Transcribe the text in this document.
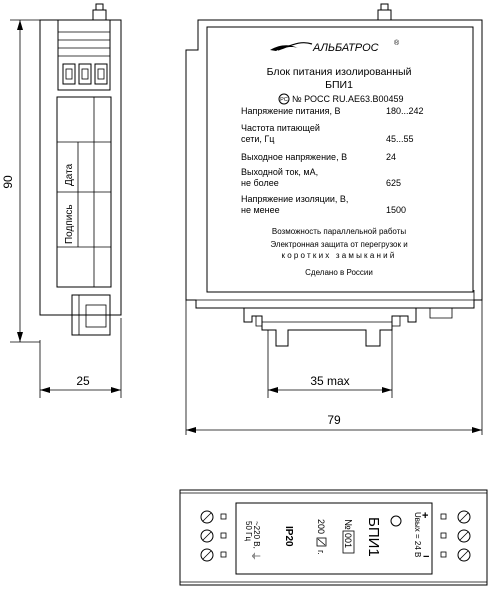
Дата
Подпись
90
25
АЛЬБАТРОС ®
Блок питания изолированный
БПИ1
PC № РОСС RU.АЕ63.В00459
Напряжение питания, В	180...242
Частота питающей
сети, Гц	45...55
Выходное напряжение, В	24
Выходной ток, мА,
не более	625
Напряжение изоляции, В,
не менее	1500
Возможность параллельной работы
Электронная защита от перегрузок и
коротких замыканий
Сделано в России
35 max
79
~220 В,
50 Гц
⏚
IP20 200
г.
№
001 БПИ1	Uвых = 24 В +
−
